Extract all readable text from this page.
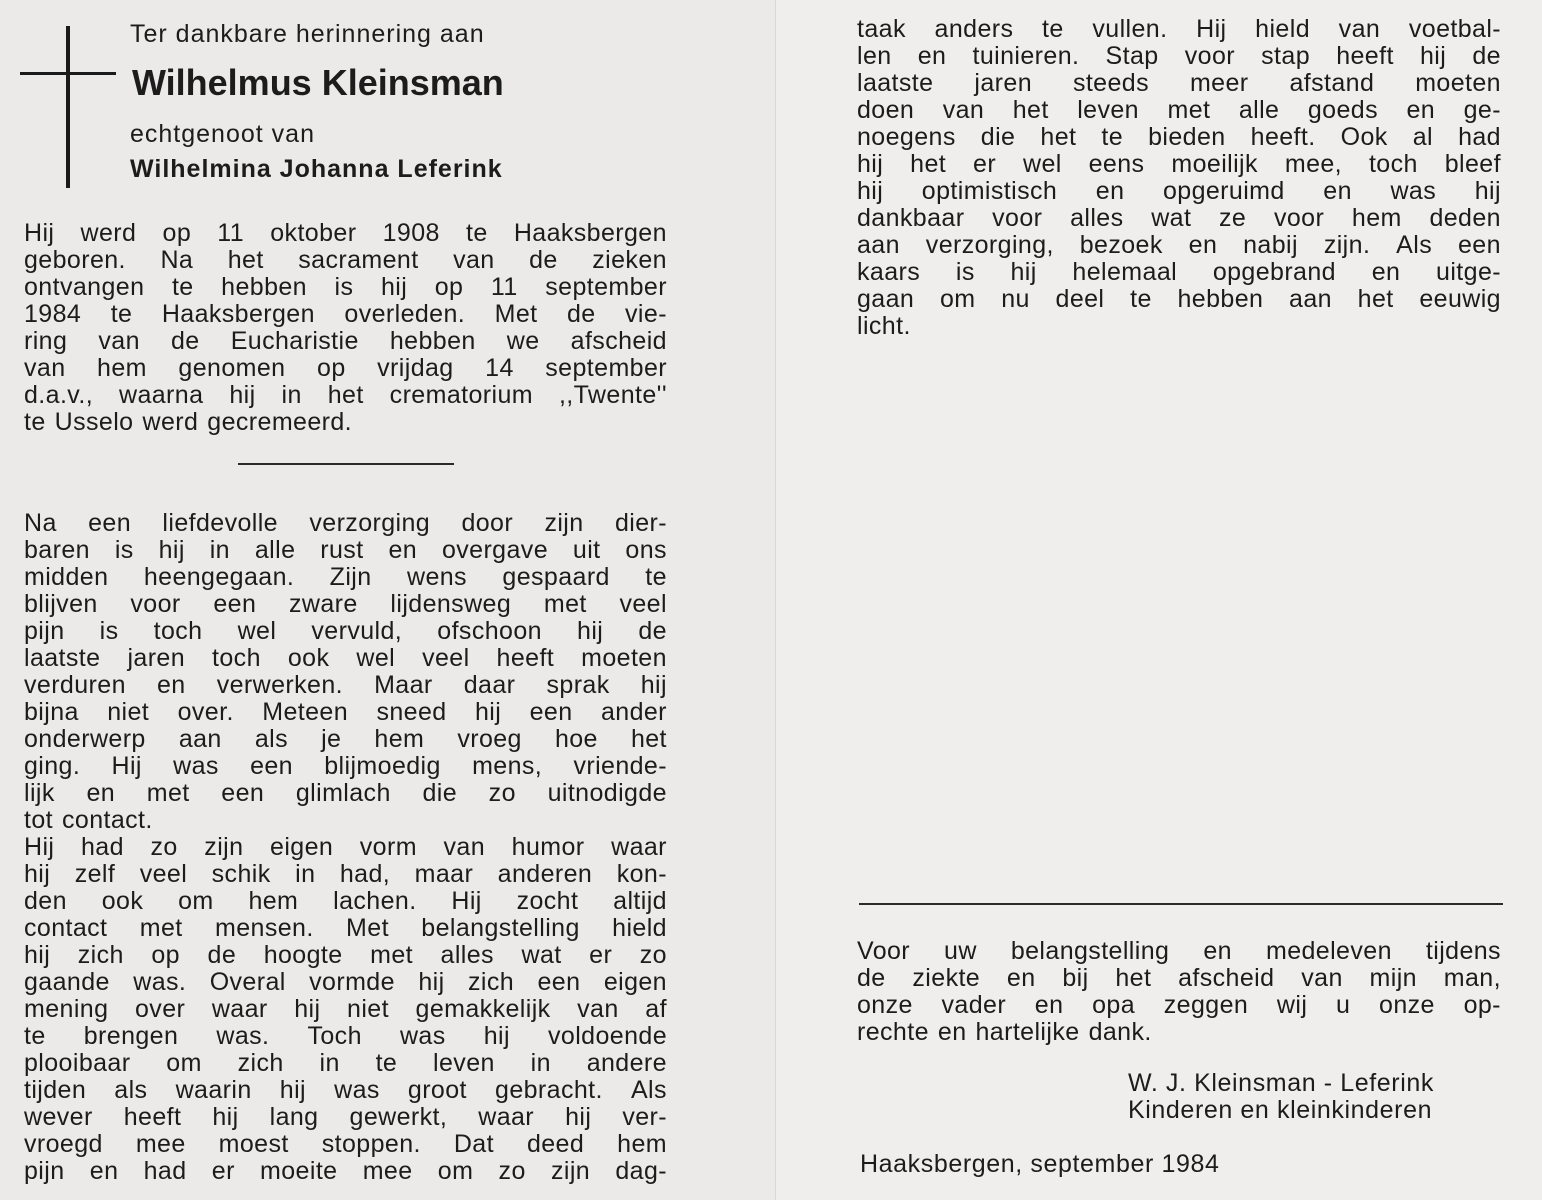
Ter dankbare herinnering aan
Wilhelmus Kleinsman
echtgenoot van
Wilhelmina Johanna Leferink
Hij werd op 11 oktober 1908 te Haaksbergen
geboren. Na het sacrament van de zieken
ontvangen te hebben is hij op 11 september
1984 te Haaksbergen overleden. Met de vie-
ring van de Eucharistie hebben we afscheid
van hem genomen op vrijdag 14 september
d.a.v., waarna hij in het crematorium ,,Twente''
te Usselo werd gecremeerd.
Na een liefdevolle verzorging door zijn dier-
baren is hij in alle rust en overgave uit ons
midden heengegaan. Zijn wens gespaard te
blijven voor een zware lijdensweg met veel
pijn is toch wel vervuld, ofschoon hij de
laatste jaren toch ook wel veel heeft moeten
verduren en verwerken. Maar daar sprak hij
bijna niet over. Meteen sneed hij een ander
onderwerp aan als je hem vroeg hoe het
ging. Hij was een blijmoedig mens, vriende-
lijk en met een glimlach die zo uitnodigde
tot contact.
Hij had zo zijn eigen vorm van humor waar
hij zelf veel schik in had, maar anderen kon-
den ook om hem lachen. Hij zocht altijd
contact met mensen. Met belangstelling hield
hij zich op de hoogte met alles wat er zo
gaande was. Overal vormde hij zich een eigen
mening over waar hij niet gemakkelijk van af
te brengen was. Toch was hij voldoende
plooibaar om zich in te leven in andere
tijden als waarin hij was groot gebracht. Als
wever heeft hij lang gewerkt, waar hij ver-
vroegd mee moest stoppen. Dat deed hem
pijn en had er moeite mee om zo zijn dag-
taak anders te vullen. Hij hield van voetbal-
len en tuinieren. Stap voor stap heeft hij de
laatste jaren steeds meer afstand moeten
doen van het leven met alle goeds en ge-
noegens die het te bieden heeft. Ook al had
hij het er wel eens moeilijk mee, toch bleef
hij optimistisch en opgeruimd en was hij
dankbaar voor alles wat ze voor hem deden
aan verzorging, bezoek en nabij zijn. Als een
kaars is hij helemaal opgebrand en uitge-
gaan om nu deel te hebben aan het eeuwig
licht.
Voor uw belangstelling en medeleven tijdens
de ziekte en bij het afscheid van mijn man,
onze vader en opa zeggen wij u onze op-
rechte en hartelijke dank.
W. J. Kleinsman - Leferink
Kinderen en kleinkinderen
Haaksbergen, september 1984
